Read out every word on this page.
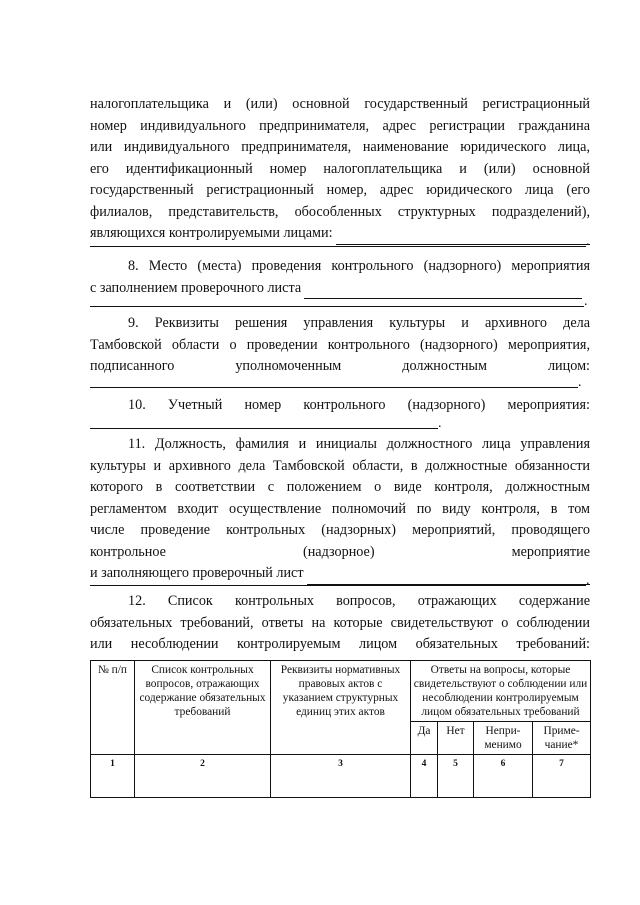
налогоплательщика и (или) основной государственный регистрационный
номер индивидуального предпринимателя, адрес регистрации гражданина
или индивидуального предпринимателя, наименование юридического лица,
его идентификационный номер налогоплательщика и (или) основной
государственный регистрационный номер, адрес юридического лица (его
филиалов, представительств, обособленных структурных подразделений),
являющихся контролируемыми лицами:
.
8. Место (места) проведения контрольного (надзорного) мероприятия
с заполнением проверочного листа
.
9. Реквизиты решения управления культуры и архивного дела
Тамбовской области о проведении контрольного (надзорного) мероприятия,
подписанного уполномоченным должностным лицом:
.
10. Учетный номер контрольного (надзорного) мероприятия:
.
11. Должность, фамилия и инициалы должностного лица управления
культуры и архивного дела Тамбовской области, в должностные обязанности
которого в соответствии с положением о виде контроля, должностным
регламентом входит осуществление полномочий по виду контроля, в том
числе проведение контрольных (надзорных) мероприятий, проводящего
контрольное (надзорное) мероприятие
и заполняющего проверочный лист	.
12. Список контрольных вопросов, отражающих содержание
обязательных требований, ответы на которые свидетельствуют о соблюдении
или несоблюдении контролируемым лицом обязательных требований:
№ п/п	Список контрольных вопросов, отражающих содержание обязательных требований	Реквизиты нормативных правовых актов с указанием структурных единиц этих актов	Ответы на вопросы, которые свидетельствуют о соблюдении или несоблюдении контролируемым лицом обязательных требований			
			Да	Нет	Непри-менимо	Приме-чание*
1	2	3	4	5	6	7
